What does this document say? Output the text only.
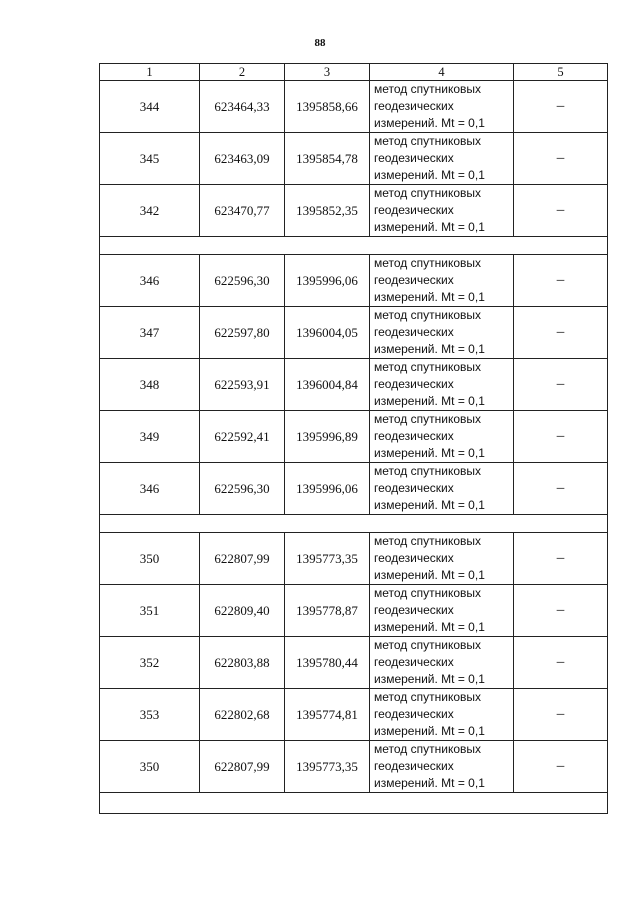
88
1	2	3	4	5
344	623464,33	1395858,66	метод спутниковых
геодезических
измерений. Mt = 0,1	–
345	623463,09	1395854,78	метод спутниковых
геодезических
измерений. Mt = 0,1	–
342	623470,77	1395852,35	метод спутниковых
геодезических
измерений. Mt = 0,1	–

346	622596,30	1395996,06	метод спутниковых
геодезических
измерений. Mt = 0,1	–
347	622597,80	1396004,05	метод спутниковых
геодезических
измерений. Mt = 0,1	–
348	622593,91	1396004,84	метод спутниковых
геодезических
измерений. Mt = 0,1	–
349	622592,41	1395996,89	метод спутниковых
геодезических
измерений. Mt = 0,1	–
346	622596,30	1395996,06	метод спутниковых
геодезических
измерений. Mt = 0,1	–

350	622807,99	1395773,35	метод спутниковых
геодезических
измерений. Mt = 0,1	–
351	622809,40	1395778,87	метод спутниковых
геодезических
измерений. Mt = 0,1	–
352	622803,88	1395780,44	метод спутниковых
геодезических
измерений. Mt = 0,1	–
353	622802,68	1395774,81	метод спутниковых
геодезических
измерений. Mt = 0,1	–
350	622807,99	1395773,35	метод спутниковых
геодезических
измерений. Mt = 0,1	–
